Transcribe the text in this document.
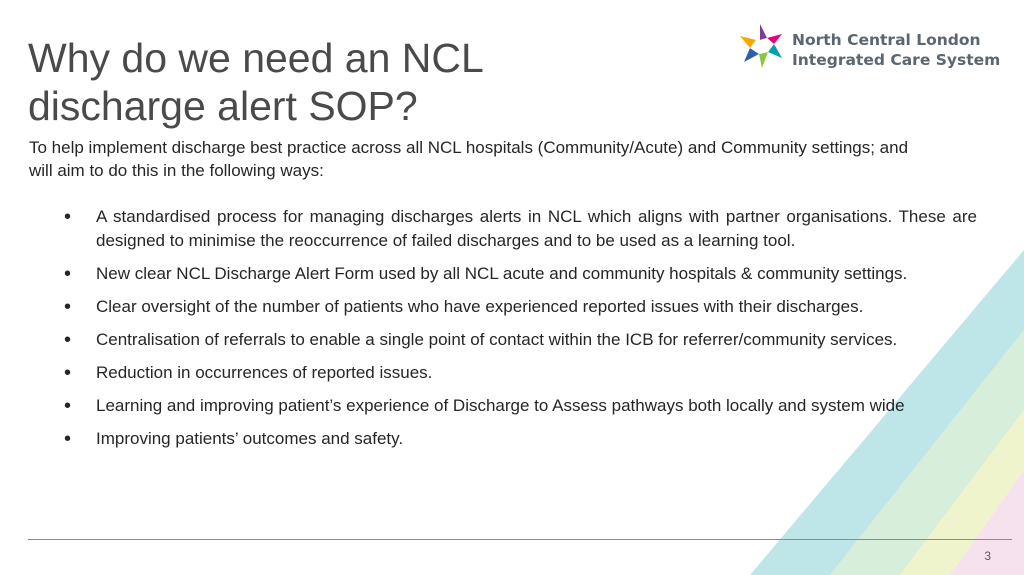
Why do we need an NCL
discharge alert SOP?
North Central London
Integrated Care System

To help implement discharge best practice across all NCL hospitals (Community/Acute) and Community settings; and will aim to do this in the following ways:

• A standardised process for managing discharges alerts in NCL which aligns with partner organisations. These are designed to minimise the reoccurrence of failed discharges and to be used as a learning tool.
• New clear NCL Discharge Alert Form used by all NCL acute and community hospitals & community settings.
• Clear oversight of the number of patients who have experienced reported issues with their discharges.
• Centralisation of referrals to enable a single point of contact within the ICB for referrer/community services.
• Reduction in occurrences of reported issues.
• Learning and improving patient’s experience of Discharge to Assess pathways both locally and system wide
• Improving patients’ outcomes and safety.
3
